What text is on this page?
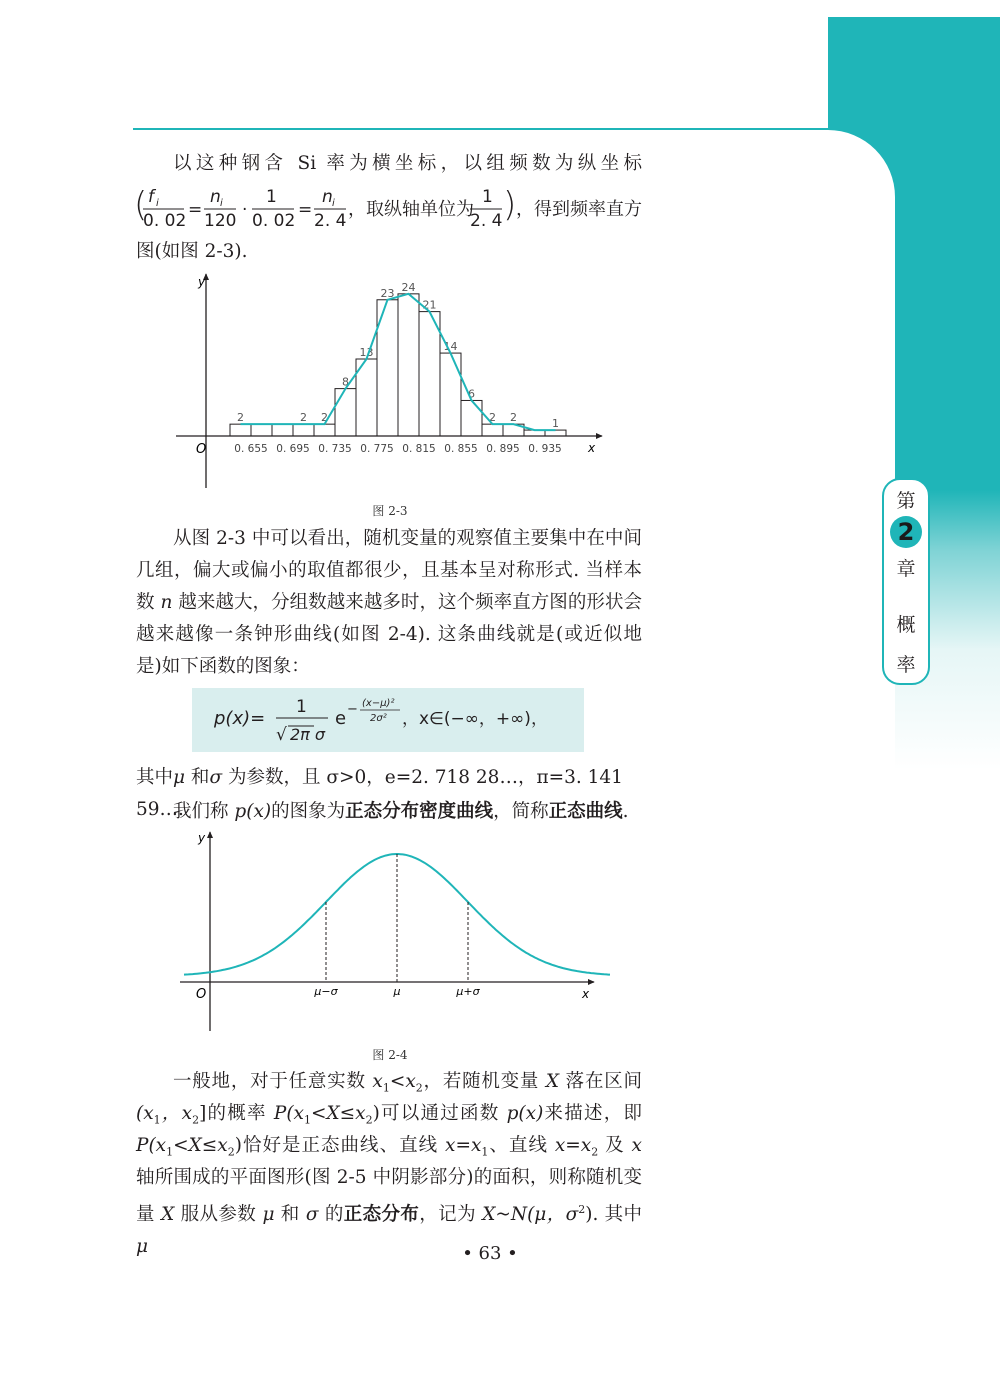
第
2
章
概
率

以这种钢含 Si 率为横坐标，以组频数为纵坐标

( f i
0. 02
=
n i
120
·
1
0. 02
=
n i
2. 4
，取纵轴单位为
1
2. 4 ) ，得到频率直方

图(如图 2-3).

y
x
O	0. 655 0. 695 0. 735 0. 775 0. 815 0. 855 0. 895 0. 935
2	2 2
8
13
23 24
21
14
6
2 2	1
图 2-3

从图 2-3 中可以看出，随机变量的观察值主要集中在中间

几组，偏大或偏小的取值都很少，且基本呈对称形式. 当样本

数 n 越来越大，分组数越来越多时，这个频率直方图的形状会

越来越像一条钟形曲线(如图 2-4). 这条曲线就是(或近似地

是)如下函数的图象：

p(x)=
1
√ 2π σ
e − (x−μ)²
2σ² ，x∈(−∞，+∞)，

其中μ 和σ 为参数，且 σ>0，e=2. 718 28…，π=3. 141 59….

我们称 p(x)的图象为正态分布密度曲线，简称正态曲线.

y
x
O	μ−σ	μ	μ+σ
图 2-4

一般地，对于任意实数 $x_1<x_2$，若随机变量 X 落在区间

($x_1$，$x_2$]的概率 $P(x_1<X\le x_2)$可以通过函数 p(x)来描述，即

$P(x_1<X\le x_2)$恰好是正态曲线、直线 $x=x_1$、直线 $x=x_2$ 及 x

轴所围成的平面图形(图 2-5 中阴影部分)的面积，则称随机变

量 X 服从参数 μ 和 σ 的正态分布，记为 X~N(μ，$\sigma^2$). 其中 μ	• 63 •
